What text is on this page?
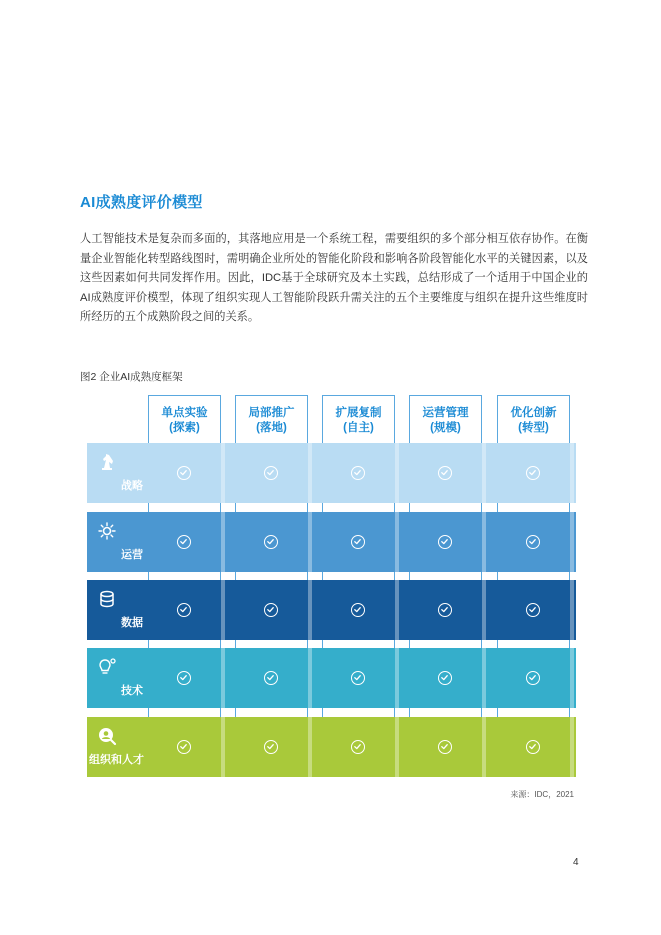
AI成熟度评价模型
人工智能技术是复杂而多面的，其落地应用是一个系统工程，需要组织的多个部分相互依存协作。在衡量企业智能化转型路线图时，需明确企业所处的智能化阶段和影响各阶段智能化水平的关键因素，以及这些因素如何共同发挥作用。因此，IDC基于全球研究及本土实践，总结形成了一个适用于中国企业的AI成熟度评价模型，体现了组织实现人工智能阶段跃升需关注的五个主要维度与组织在提升这些维度时所经历的五个成熟阶段之间的关系。
图2 企业AI成熟度框架
单点实验
(探索)
局部推广
(落地)
扩展复制
(自主)
运营管理
(规模)
优化创新
(转型)
战略
运营
数据
技术
组织和人才
来源：IDC，2021
4
